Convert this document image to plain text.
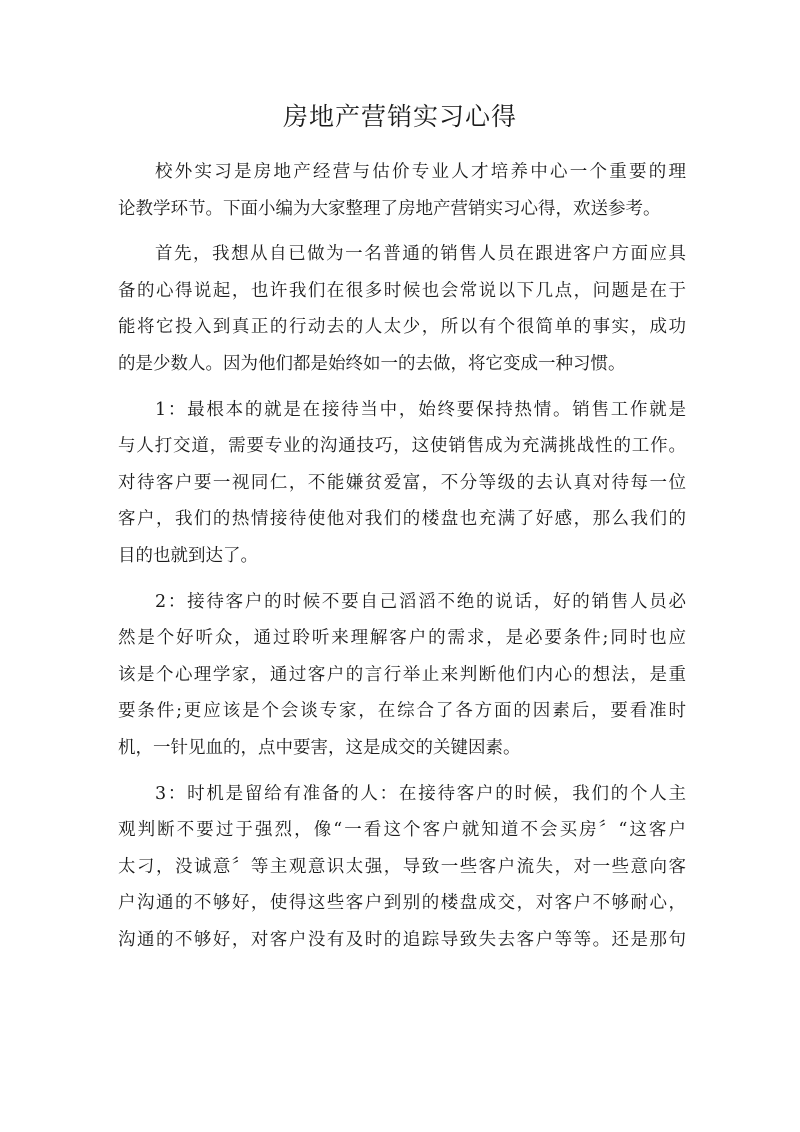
房地产营销实习心得

校外实习是房地产经营与估价专业人才培养中心一个重要的理
论教学环节。下面小编为大家整理了房地产营销实习心得，欢送参考。

首先，我想从自已做为一名普通的销售人员在跟进客户方面应具
备的心得说起，也许我们在很多时候也会常说以下几点，问题是在于
能将它投入到真正的行动去的人太少，所以有个很简单的事实，成功
的是少数人。因为他们都是始终如一的去做，将它变成一种习惯。

1：最根本的就是在接待当中，始终要保持热情。销售工作就是
与人打交道，需要专业的沟通技巧，这使销售成为充满挑战性的工作。
对待客户要一视同仁，不能嫌贫爱富，不分等级的去认真对待每一位
客户，我们的热情接待使他对我们的楼盘也充满了好感，那么我们的
目的也就到达了。

2：接待客户的时候不要自己滔滔不绝的说话，好的销售人员必
然是个好听众，通过聆听来理解客户的需求，是必要条件;同时也应
该是个心理学家，通过客户的言行举止来判断他们内心的想法，是重
要条件;更应该是个会谈专家，在综合了各方面的因素后，要看准时
机，一针见血的，点中要害，这是成交的关键因素。

3：时机是留给有准备的人：在接待客户的时候，我们的个人主
观判断不要过于强烈，像“一看这个客户就知道不会买房〞“这客户
太刁，没诚意〞等主观意识太强，导致一些客户流失，对一些意向客
户沟通的不够好，使得这些客户到别的楼盘成交，对客户不够耐心，
沟通的不够好，对客户没有及时的追踪导致失去客户等等。还是那句
